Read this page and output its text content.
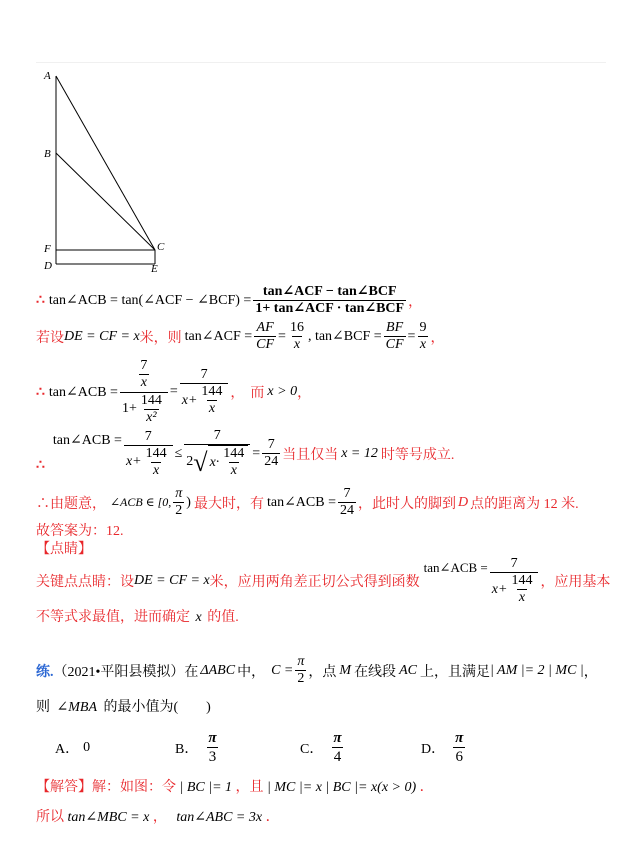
A
B
F
D
C
E
∴ tan∠ACB = tan(∠ACF − ∠BCF) = $\frac{\text{tan∠ACF − tan∠BCF}}{\text{1+ tan∠ACF · tan∠BCF}}$ ，
若设 DE = CF = x 米，则 tan∠ACF = $\frac{AF}{CF} = \frac{16}{x}$ , tan∠BCF = $\frac{BF}{CF} = \frac{9}{x}$ ，
∴ tan∠ACB = $\frac{\frac{7}{x}}{1+ \frac{144}{\text{x²}}} = \frac{7}{x+ \frac{144}{x}}$ ， 而 x > 0 ，
∴
tan∠ACB = $\frac{7}{x+ \frac{144}{x}}$ ≤
7
2 √ $x\cdot \frac{144}{x} = \frac{7}{24}$ 当且仅当 x = 12 时等号成立.
∴由题意， ∠ACB ∈ [0, $\frac{\pi}{2}$ ) 最大时，有 tan∠ACB = $\frac{7}{24}$ ，此时人的脚到 D 点的距离为 12 米.
故答案为：12.
【点睛】
关键点点睛：设 DE = CF = x 米，应用两角差正切公式得到函数
tan∠ACB = $\frac{7}{x+ \frac{144}{x}}$ ，应用基本
不等式求最值，进而确定 x 的值.
练. （2021•平阳县模拟）在 ΔABC 中， $C = \frac{\pi}{2}$ ，点 M 在线段 AC 上，且满足 | AM |= 2 | MC | ，
则 ∠MBA 的最小值为(　　)
A． 0	B． $\frac{\pi}{3}$	C． $\frac{\pi}{4}$	D． $\frac{\pi}{6}$
【解答】解：如图：令 | BC |= 1 ，且 | MC |= x | BC |= x(x > 0) ．
所以 tan∠MBC = x ， tan∠ABC = 3x ．
